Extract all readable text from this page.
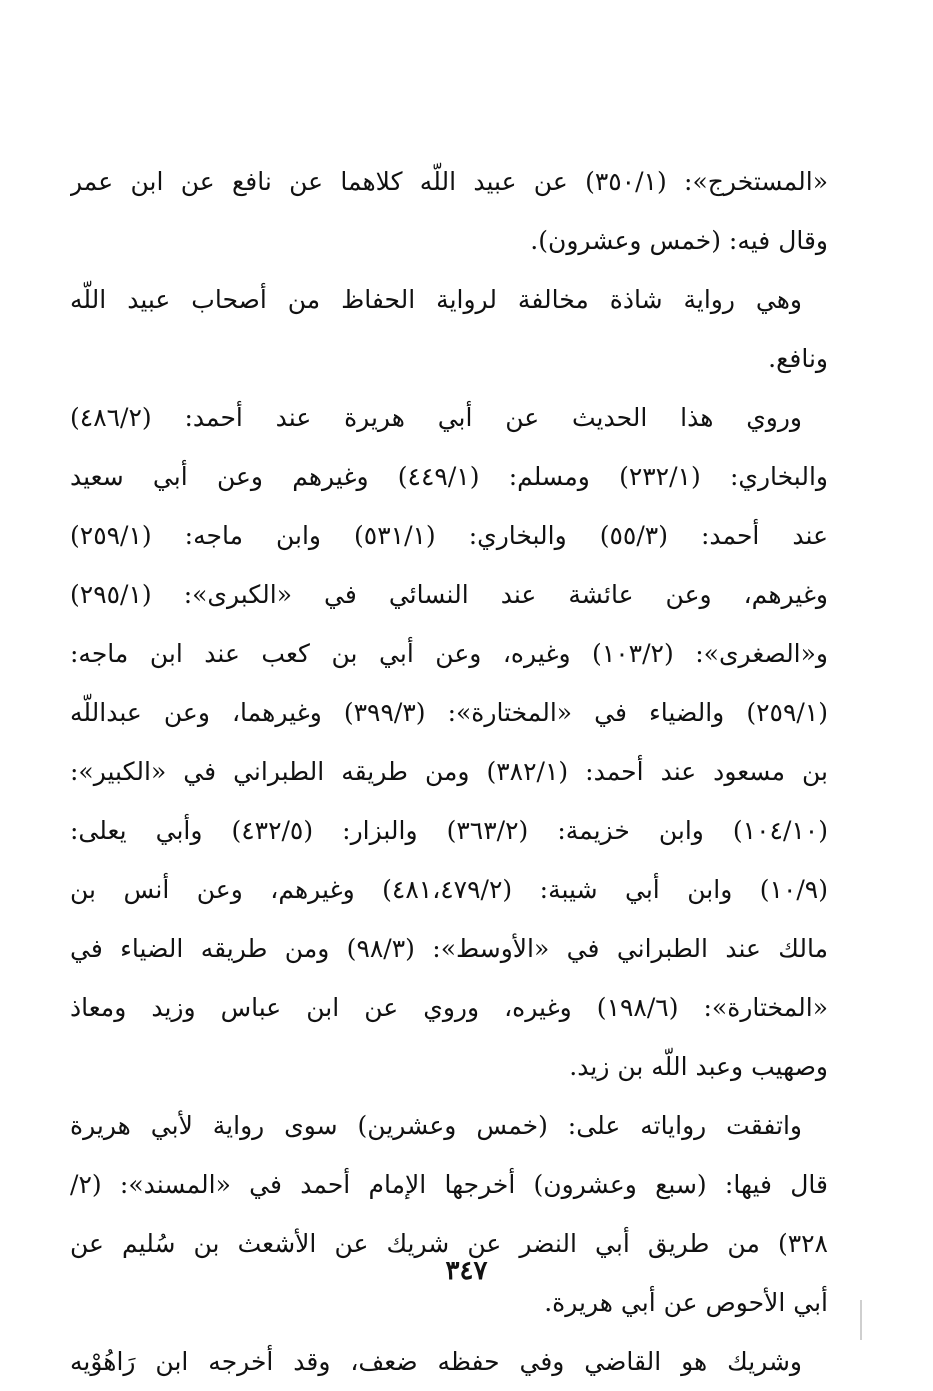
«المستخرج»: (٣٥٠/١) عن عبيد اللّه كلاهما عن نافع عن ابن عمر
وقال فيه: (خمس وعشرون).
وهي رواية شاذة مخالفة لرواية الحفاظ من أصحاب عبيد اللّه
ونافع.
وروي هذا الحديث عن أبي هريرة عند أحمد: (٤٨٦/٢)
والبخاري: (٢٣٢/١) ومسلم: (٤٤٩/١) وغيرهم وعن أبي سعيد
عند أحمد: (٥٥/٣) والبخاري: (٥٣١/١) وابن ماجه: (٢٥٩/١)
وغيرهم، وعن عائشة عند النسائي في «الكبرى»: (٢٩٥/١)
و«الصغرى»: (١٠٣/٢) وغيره، وعن أبي بن كعب عند ابن ماجه:
(٢٥٩/١) والضياء في «المختارة»: (٣٩٩/٣) وغيرهما، وعن عبداللّه
بن مسعود عند أحمد: (٣٨٢/١) ومن طريقه الطبراني في «الكبير»:
(١٠٤/١٠) وابن خزيمة: (٣٦٣/٢) والبزار: (٤٣٢/٥) وأبي يعلى:
(١٠/٩) وابن أبي شيبة: (٤٨١،٤٧٩/٢) وغيرهم، وعن أنس بن
مالك عند الطبراني في «الأوسط»: (٩٨/٣) ومن طريقه الضياء في
«المختارة»: (١٩٨/٦) وغيره، وروي عن ابن عباس وزيد ومعاذ
وصهيب وعبد اللّه بن زيد.
واتفقت رواياته على: (خمس وعشرين) سوى رواية لأبي هريرة
قال فيها: (سبع وعشرون) أخرجها الإمام أحمد في «المسند»: (٢/
٣٢٨) من طريق أبي النضر عن شريك عن الأشعث بن سُليم عن
أبي الأحوص عن أبي هريرة.
وشريك هو القاضي وفي حفظه ضعف، وقد أخرجه ابن رَاهُوْيه
٣٤٧
